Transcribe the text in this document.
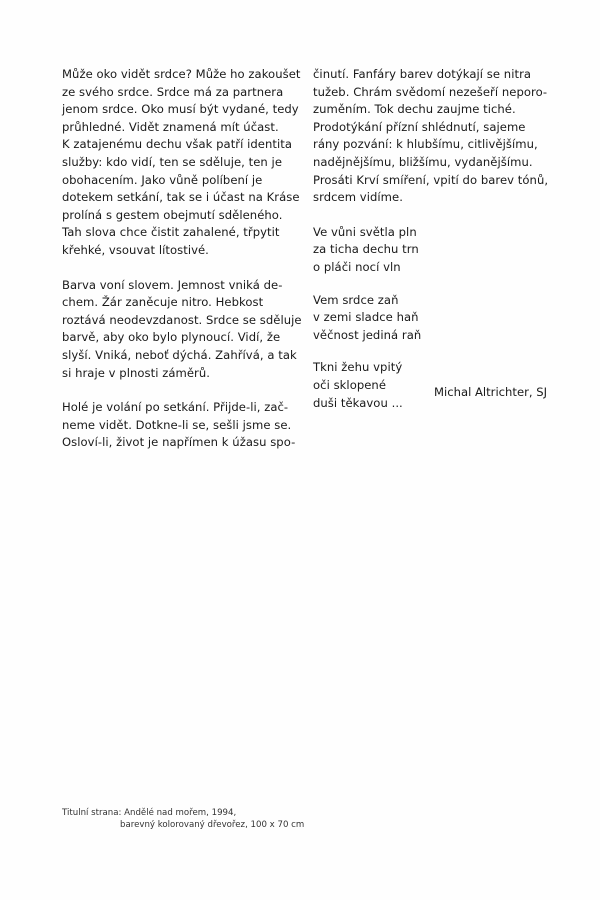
Může oko vidět srdce? Může ho zakoušet
ze svého srdce. Srdce má za partnera
jenom srdce. Oko musí být vydané, tedy
průhledné. Vidět znamená mít účast.
K zatajenému dechu však patří identita
služby: kdo vidí, ten se sděluje, ten je
obohacením. Jako vůně políbení je
dotekem setkání, tak se i účast na Kráse
prolíná s gestem obejmutí sděleného.
Tah slova chce čistit zahalené, třpytit
křehké, vsouvat lítostivé.
Barva voní slovem. Jemnost vniká de-
chem. Žár zaněcuje nitro. Hebkost
roztává neodevzdanost. Srdce se sděluje
barvě, aby oko bylo plynoucí. Vidí, že
slyší. Vniká, neboť dýchá. Zahřívá, a tak
si hraje v plnosti záměrů.
Holé je volání po setkání. Přijde-li, zač-
neme vidět. Dotkne-li se, sešli jsme se.
Osloví-li, život je napřímen k úžasu spo-
činutí. Fanfáry barev dotýkají se nitra
tužeb. Chrám svědomí nezešeří neporo-
zuměním. Tok dechu zaujme tiché.
Prodotýkání přízní shlédnutí, sajeme
rány pozvání: k hlubšímu, citlivějšímu,
nadějnějšímu, bližšímu, vydanějšímu.
Prosáti Krví smíření, vpití do barev tónů,
srdcem vidíme.
Ve vůni světla pln
za ticha dechu trn
o pláči nocí vln
Vem srdce zaň
v zemi sladce haň
věčnost jediná raň
Tkni žehu vpitý
oči sklopené
duši těkavou ...
Michal Altrichter, SJ
Titulní strana: Andělé nad mořem, 1994,
barevný kolorovaný dřevořez, 100 x 70 cm
